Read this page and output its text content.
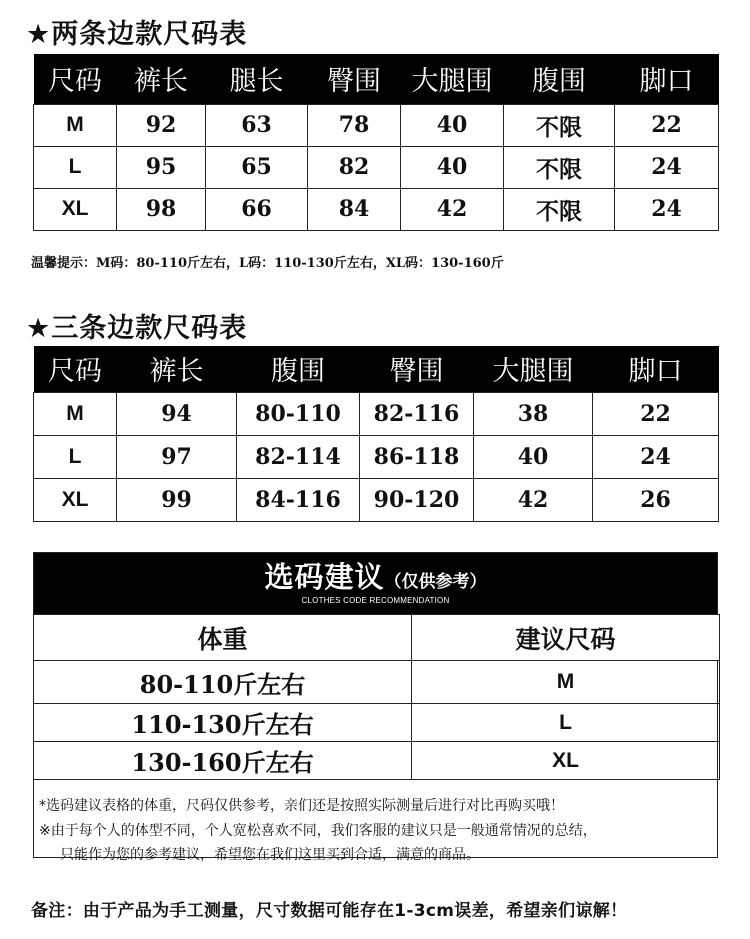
★两条边款尺码表
尺码	裤长	腿长	臀围	大腿围	腹围	脚口
M	92	63	78	40	不限	22
L	95	65	82	40	不限	24
XL	98	66	84	42	不限	24
温馨提示：M码：80-110斤左右，L码：110-130斤左右，XL码：130-160斤
★三条边款尺码表
尺码	裤长	腹围	臀围	大腿围	脚口
M	94	80-110	82-116	38	22
L	97	82-114	86-118	40	24
XL	99	84-116	90-120	42	26
选码建议（仅供参考）
CLOTHES CODE RECOMMENDATION
体重	建议尺码
80-110斤左右	M
110-130斤左右	L
130-160斤左右	XL
*选码建议表格的体重，尺码仅供参考，亲们还是按照实际测量后进行对比再购买哦！
※由于每个人的体型不同，个人宽松喜欢不同，我们客服的建议只是一般通常情况的总结，
只能作为您的参考建议，希望您在我们这里买到合适，满意的商品。
备注：由于产品为手工测量，尺寸数据可能存在1-3cm误差，希望亲们谅解！
